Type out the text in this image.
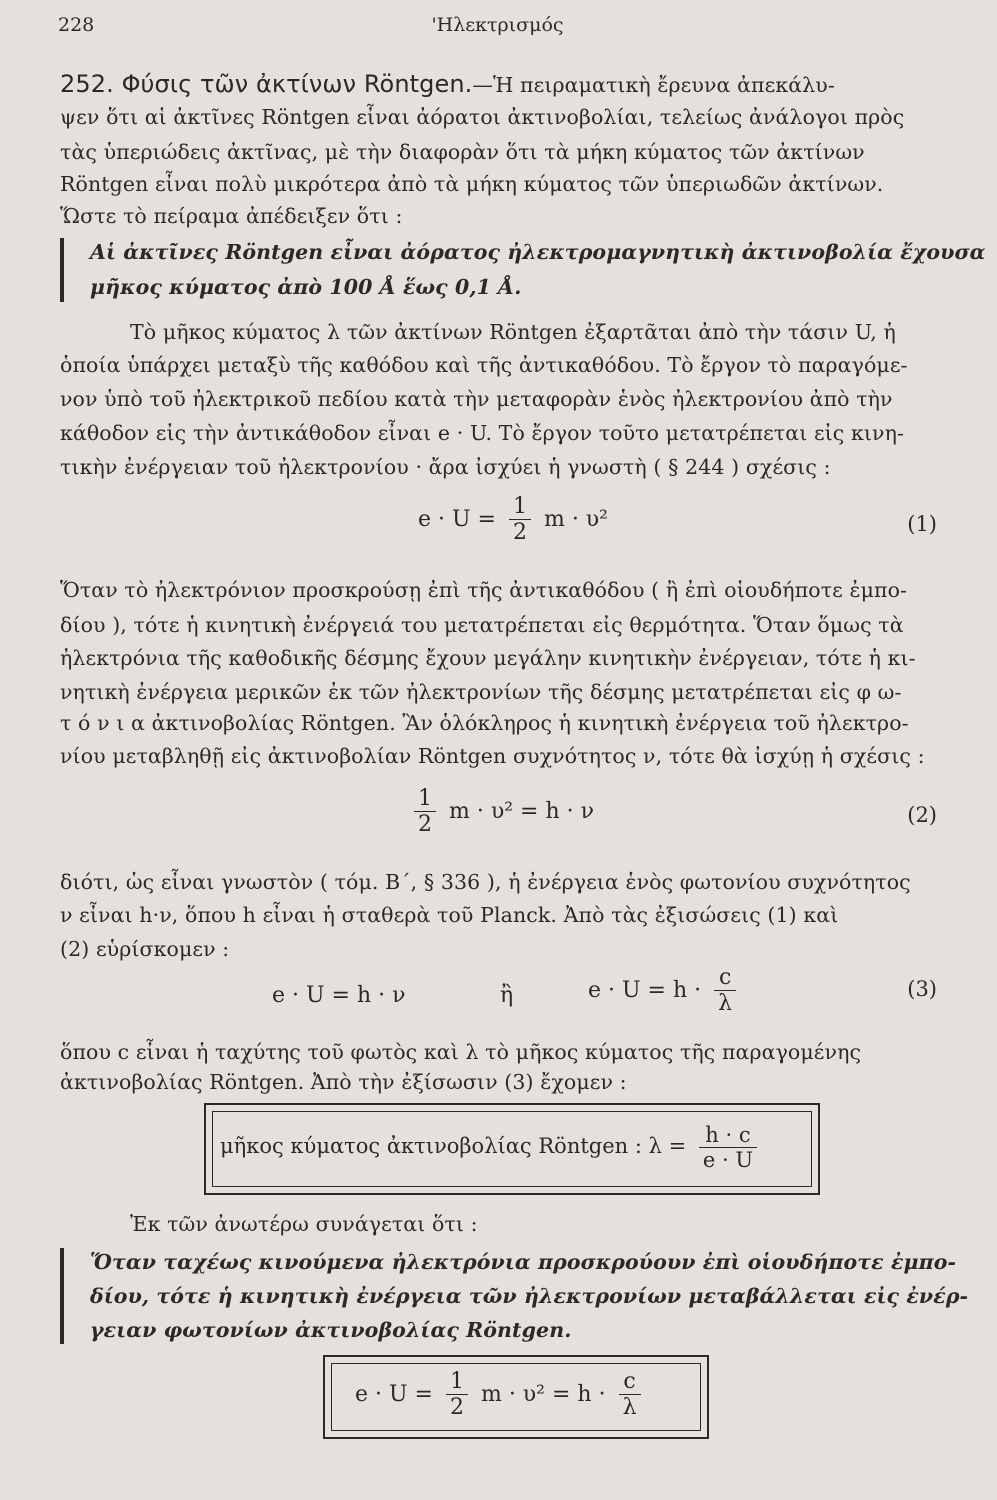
228	'Ηλεκτρισμός
252. Φύσις τῶν ἀκτίνων Röntgen.—Ἡ πειραματικὴ ἔρευνα ἀπεκάλυ-
ψεν ὅτι αἱ ἀκτῖνες Röntgen εἶναι ἀόρατοι ἀκτινοβολίαι, τελείως ἀνάλογοι πρὸς
τὰς ὑπεριώδεις ἀκτῖνας, μὲ τὴν διαφορὰν ὅτι τὰ μήκη κύματος τῶν ἀκτίνων
Röntgen εἶναι πολὺ μικρότερα ἀπὸ τὰ μήκη κύματος τῶν ὑπεριωδῶν ἀκτίνων.
Ὥστε τὸ πείραμα ἀπέδειξεν ὅτι :
Αἱ ἀκτῖνες Röntgen εἶναι ἀόρατος ἠλεκτρομαγνητικὴ ἀκτινοβολία ἔχουσα
μῆκος κύματος ἀπὸ 100 Å ἕως 0,1 Å.
Τὸ μῆκος κύματος λ τῶν ἀκτίνων Röntgen ἐξαρτᾶται ἀπὸ τὴν τάσιν U, ἡ
ὁποία ὑπάρχει μεταξὺ τῆς καθόδου καὶ τῆς ἀντικαθόδου. Τὸ ἔργον τὸ παραγόμε-
νον ὑπὸ τοῦ ἠλεκτρικοῦ πεδίου κατὰ τὴν μεταφορὰν ἑνὸς ἠλεκτρονίου ἀπὸ τὴν
κάθοδον εἰς τὴν ἀντικάθοδον εἶναι e · U. Τὸ ἔργον τοῦτο μετατρέπεται εἰς κινη-
τικὴν ἐνέργειαν τοῦ ἠλεκτρονίου · ἄρα ἰσχύει ἡ γνωστὴ ( § 244 ) σχέσις :
$e \cdot U = \frac{1}{2}$ m · υ²	(1)
Ὅταν τὸ ἠλεκτρόνιον προσκρούσῃ ἐπὶ τῆς ἀντικαθόδου ( ἢ ἐπὶ οἱουδήποτε ἐμπο-
δίου ), τότε ἡ κινητικὴ ἐνέργειά του μετατρέπεται εἰς θερμότητα. Ὅταν ὅμως τὰ
ἠλεκτρόνια τῆς καθοδικῆς δέσμης ἔχουν μεγάλην κινητικὴν ἐνέργειαν, τότε ἡ κι-
νητικὴ ἐνέργεια μερικῶν ἐκ τῶν ἠλεκτρονίων τῆς δέσμης μετατρέπεται εἰς φ ω-
τ ό ν ι α ἀκτινοβολίας Röntgen. Ἂν ὁλόκληρος ἡ κινητικὴ ἐνέργεια τοῦ ἠλεκτρο-
νίου μεταβληθῇ εἰς ἀκτινοβολίαν Röntgen συχνότητος ν, τότε θὰ ἰσχύῃ ἡ σχέσις :
$\frac{1}{2}$ m · υ² = h · ν	(2)
διότι, ὡς εἶναι γνωστὸν ( τόμ. Β΄, § 336 ), ἡ ἐνέργεια ἑνὸς φωτονίου συχνότητος
ν εἶναι h·ν, ὅπου h εἶναι ἡ σταθερὰ τοῦ Planck. Ἀπὸ τὰς ἐξισώσεις (1) καὶ
(2) εὑρίσκομεν :
e · U = h · ν	ἢ	$e \cdot U = h \cdot \frac{c}{\lambda}$	(3)
ὅπου c εἶναι ἡ ταχύτης τοῦ φωτὸς καὶ λ τὸ μῆκος κύματος τῆς παραγομένης
ἀκτινοβολίας Röntgen. Ἀπὸ τὴν ἐξίσωσιν (3) ἔχομεν :
μῆκος κύματος ἀκτινοβολίας Röntgen : $\lambda = \frac{h \cdot c}{e \cdot U}$
Ἐκ τῶν ἀνωτέρω συνάγεται ὅτι :
Ὅταν ταχέως κινούμενα ἠλεκτρόνια προσκρούουν ἐπὶ οἱουδήποτε ἐμπο-
δίου, τότε ἡ κινητικὴ ἐνέργεια τῶν ἠλεκτρονίων μεταβάλλεται εἰς ἐνέρ-
γειαν φωτονίων ἀκτινοβολίας Röntgen.
$e \cdot U = \frac{1}{2}$ $m \cdot \upsilon^2 = h \cdot \frac{c}{\lambda}$
